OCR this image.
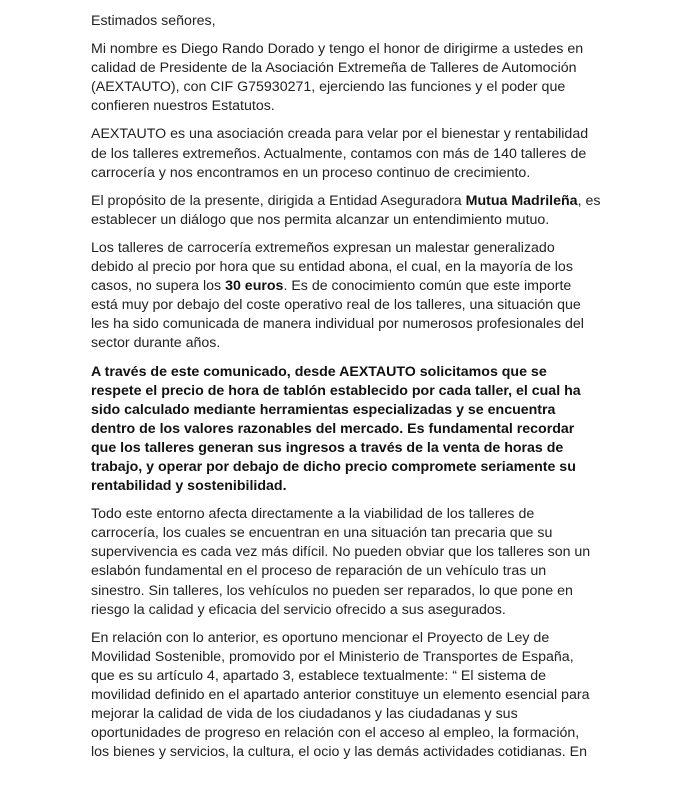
Estimados señores,

Mi nombre es Diego Rando Dorado y tengo el honor de dirigirme a ustedes en calidad de Presidente de la Asociación Extremeña de Talleres de Automoción (AEXTAUTO), con CIF G75930271, ejerciendo las funciones y el poder que confieren nuestros Estatutos.

AEXTAUTO es una asociación creada para velar por el bienestar y rentabilidad de los talleres extremeños. Actualmente, contamos con más de 140 talleres de carrocería y nos encontramos en un proceso continuo de crecimiento.

El propósito de la presente, dirigida a Entidad Aseguradora Mutua Madrileña, es establecer un diálogo que nos permita alcanzar un entendimiento mutuo.

Los talleres de carrocería extremeños expresan un malestar generalizado debido al precio por hora que su entidad abona, el cual, en la mayoría de los casos, no supera los 30 euros. Es de conocimiento común que este importe está muy por debajo del coste operativo real de los talleres, una situación que les ha sido comunicada de manera individual por numerosos profesionales del sector durante años.

A través de este comunicado, desde AEXTAUTO solicitamos que se respete el precio de hora de tablón establecido por cada taller, el cual ha sido calculado mediante herramientas especializadas y se encuentra dentro de los valores razonables del mercado. Es fundamental recordar que los talleres generan sus ingresos a través de la venta de horas de trabajo, y operar por debajo de dicho precio compromete seriamente su rentabilidad y sostenibilidad.

Todo este entorno afecta directamente a la viabilidad de los talleres de carrocería, los cuales se encuentran en una situación tan precaria que su supervivencia es cada vez más difícil. No pueden obviar que los talleres son un eslabón fundamental en el proceso de reparación de un vehículo tras un sinestro. Sin talleres, los vehículos no pueden ser reparados, lo que pone en riesgo la calidad y eficacia del servicio ofrecido a sus asegurados.

En relación con lo anterior, es oportuno mencionar el Proyecto de Ley de Movilidad Sostenible, promovido por el Ministerio de Transportes de España, que es su artículo 4, apartado 3, establece textualmente: “ El sistema de movilidad definido en el apartado anterior constituye un elemento esencial para mejorar la calidad de vida de los ciudadanos y las ciudadanas y sus oportunidades de progreso en relación con el acceso al empleo, la formación, los bienes y servicios, la cultura, el ocio y las demás actividades cotidianas. En
